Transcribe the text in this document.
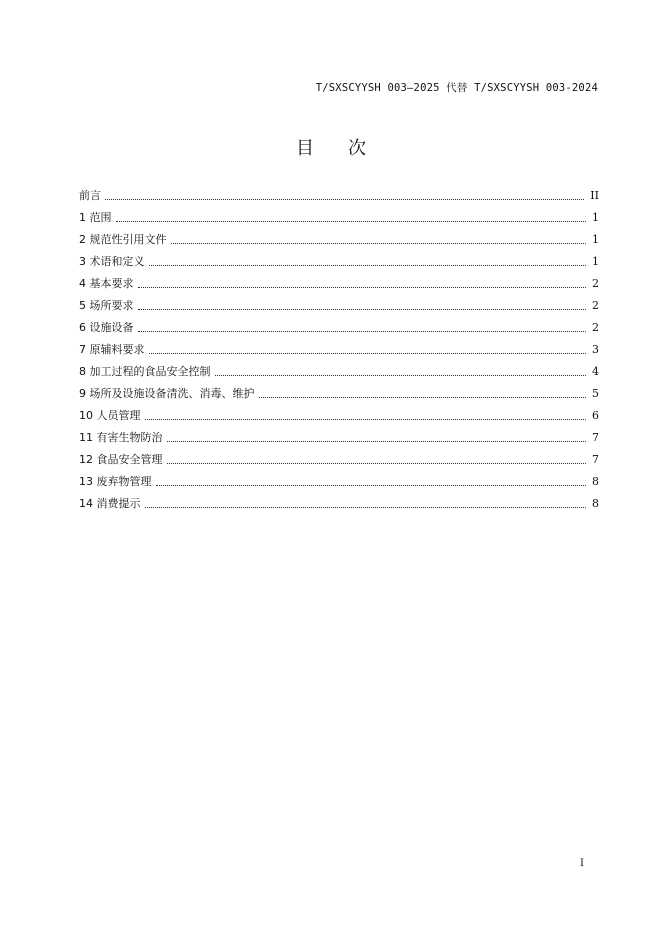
T/SXSCYYSH 003—2025 代替 T/SXSCYYSH 003-2024
目次
前言	II
1 范围	1
2 规范性引用文件	1
3 术语和定义	1
4 基本要求	2
5 场所要求	2
6 设施设备	2
7 原辅料要求	3
8 加工过程的食品安全控制	4
9 场所及设施设备清洗、消毒、维护	5
10 人员管理	6
11 有害生物防治	7
12 食品安全管理	7
13 废弃物管理	8
14 消费提示	8
I
